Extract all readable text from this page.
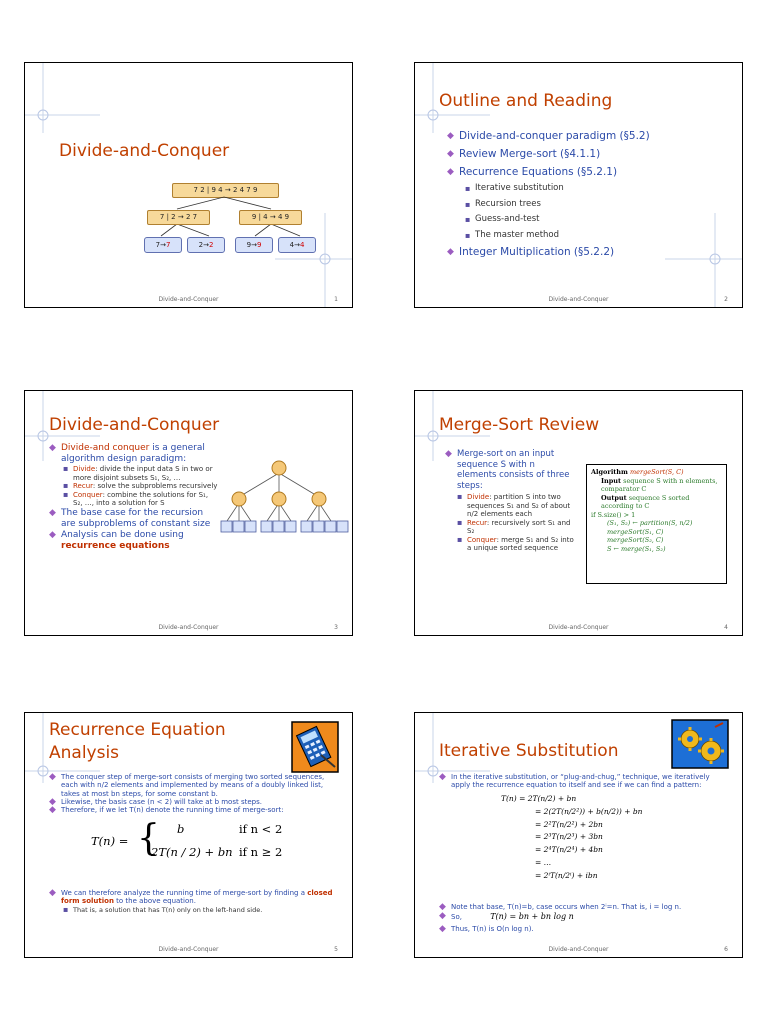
Divide-and-Conquer
7 2 | 9 4 → 2 4 7 9
7 | 2 → 2 7	9 | 4 → 4 9
7→7	2→2	9→9	4→4
Divide-and-Conquer	1
Outline and Reading
◆ Divide-and-conquer paradigm (§5.2)
◆ Review Merge-sort (§4.1.1)
◆ Recurrence Equations (§5.2.1)
▪ Iterative substitution
▪ Recursion trees
▪ Guess-and-test
▪ The master method
◆ Integer Multiplication (§5.2.2)
Divide-and-Conquer	2
Divide-and-Conquer
◆ Divide-and conquer is a general algorithm design paradigm:
▪ Divide: divide the input data S in two or more disjoint subsets S₁, S₂, …
▪ Recur: solve the subproblems recursively
▪ Conquer: combine the solutions for S₁, S₂, …, into a solution for S
◆ The base case for the recursion are subproblems of constant size
◆ Analysis can be done using
recurrence equations
Divide-and-Conquer	3
Merge-Sort Review
◆ Merge-sort on an input sequence S with n elements consists of three steps:
▪ Divide: partition S into two sequences S₁ and S₂ of about n/2 elements each
▪ Recur: recursively sort S₁ and S₂
▪ Conquer: merge S₁ and S₂ into a unique sorted sequence
Algorithm mergeSort(S, C)
Input sequence S with n elements, comparator C
Output sequence S sorted according to C
if S.size() > 1
(S₁, S₂) ← partition(S, n/2)
mergeSort(S₁, C)
mergeSort(S₂, C)
S ← merge(S₁, S₂)
Divide-and-Conquer	4
Recurrence Equation
Analysis
◆ The conquer step of merge-sort consists of merging two sorted sequences, each with n/2 elements and implemented by means of a doubly linked list, takes at most bn steps, for some constant b.
◆ Likewise, the basis case (n < 2) will take at b most steps.
◆ Therefore, if we let T(n) denote the running time of merge-sort:
T(n) = { b	if n < 2
2T(n / 2) + bn if n ≥ 2
◆ We can therefore analyze the running time of merge-sort by finding a closed form solution to the above equation.
▪ That is, a solution that has T(n) only on the left-hand side.
Divide-and-Conquer	5
Iterative Substitution
◆ In the iterative substitution, or “plug-and-chug,” technique, we iteratively apply the recurrence equation to itself and see if we can find a pattern:
T(n) = 2T(n/2) + bn
= 2(2T(n/2²)) + b(n/2)) + bn
= 2²T(n/2²) + 2bn
= 2³T(n/2³) + 3bn
= 2⁴T(n/2⁴) + 4bn
= …
= 2ⁱT(n/2ⁱ) + ibn
◆ Note that base, T(n)=b, case occurs when 2ⁱ=n. That is, i = log n.
◆ So,	T(n) = bn + bn log n
◆ Thus, T(n) is O(n log n).
Divide-and-Conquer	6
